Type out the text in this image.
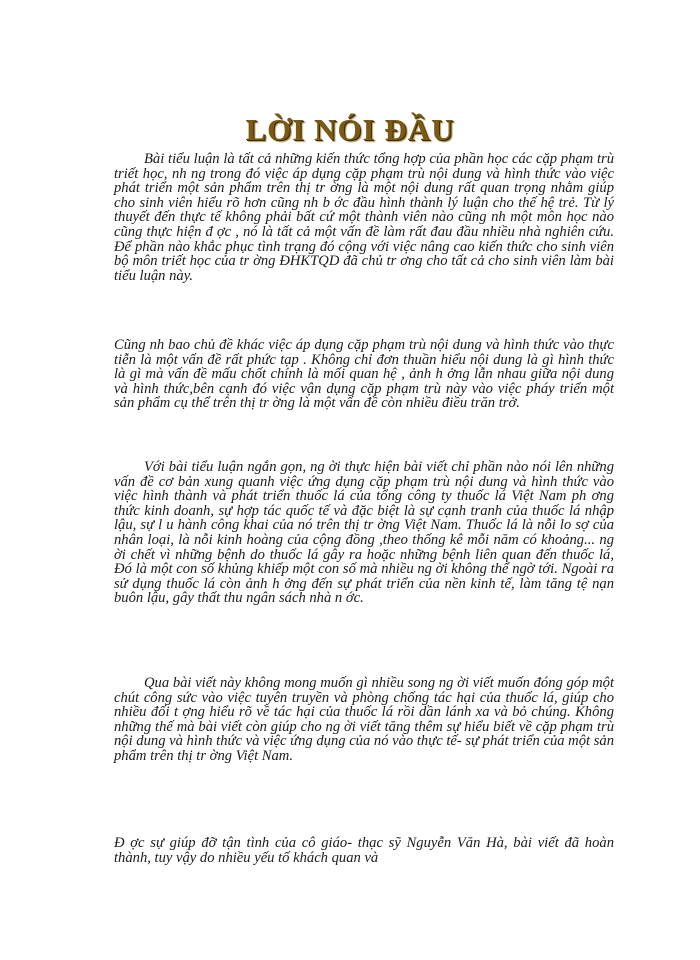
LỜI NÓI ĐẦU

Bài tiểu luận là tất cả những kiến thức tổng hợp của phần học các cặp phạm trù triết học, nh ng trong đó việc áp dụng cặp phạm trù nội dung và hình thức vào việc phát triển một sản phẩm trên thị tr ờng là một nội dung rất quan trọng nhằm giúp cho sinh viên hiểu rõ hơn cũng nh b ớc đầu hình thành lý luận cho thế hệ trẻ. Từ lý thuyết đến thực tế không phải bất cứ một thành viên nào cũng nh một môn học nào cũng thực hiện đ ợc , nó là tất cả một vấn đề làm rất đau đầu nhiều nhà nghiên cứu. Để phần nào khắc phục tình trạng đó cộng với việc nâng cao kiến thức cho sinh viên bộ môn triết học của tr ờng ĐHKTQD đã chủ tr ơng cho tất cả cho sinh viên làm bài tiểu luận này.

Cũng nh bao chủ đề khác việc áp dụng cặp phạm trù nội dung và hình thức vào thực tiễn là một vấn đề rất phức tạp . Không chỉ đơn thuần hiểu nội dung là gì hình thức là gì mà vấn đề mấu chốt chính là mối quan hệ , ảnh h ởng lẫn nhau giữa nội dung và hình thức,bên cạnh đó việc vận dụng cặp phạm trù này vào việc pháy triển một sản phẩm cụ thể trên thị tr ờng là một vấn đề còn nhiều điều trăn trở.

Với bài tiểu luận ngắn gọn, ng ời thực hiện bài viết chỉ phần nào nói lên những vấn đề cơ bản xung quanh việc ứng dụng cặp phạm trù nội dung và hình thức vào việc hình thành và phát triển thuốc lá của tổng công ty thuốc lá Việt Nam ph ơng thức kinh doanh, sự hợp tác quốc tế và đặc biệt là sự cạnh tranh của thuốc lá nhập lậu, sự l u hành công khai của nó trên thị tr ờng Việt Nam. Thuốc lá là nỗi lo sợ của nhân loại, là nỗi kinh hoàng của cộng đồng ,theo thống kê mỗi năm có khoảng... ng ời chết vì những bệnh do thuốc lá gây ra hoặc những bệnh liên quan đến thuốc lá, Đó là một con số khủng khiếp một con số mà nhiều ng ời không thể ngờ tới. Ngoài ra sử dụng thuốc lá còn ảnh h ởng đến sự phát triển của nền kinh tế, làm tăng tệ nạn buôn lậu, gây thất thu ngân sách nhà n ớc.

Qua bài viết này không mong muốn gì nhiều song ng ời viết muốn đóng góp một chút công sức vào việc tuyên truyền và phòng chống tác hại của thuốc lá, giúp cho nhiều đối t ợng hiểu rõ về tác hại của thuốc lá rồi dần lánh xa và bỏ chúng. Không những thế mà bài viết còn giúp cho ng ời viết tăng thêm sự hiểu biết về cặp phạm trù nội dung và hình thức và việc ứng dụng của nó vào thực tế- sự phát triển của một sản phẩm trên thị tr ờng Việt Nam.

Đ ợc sự giúp đỡ tận tình của cô giáo- thạc sỹ Nguyễn Văn Hà, bài viết đã hoàn thành, tuy vậy do nhiều yếu tố khách quan và
